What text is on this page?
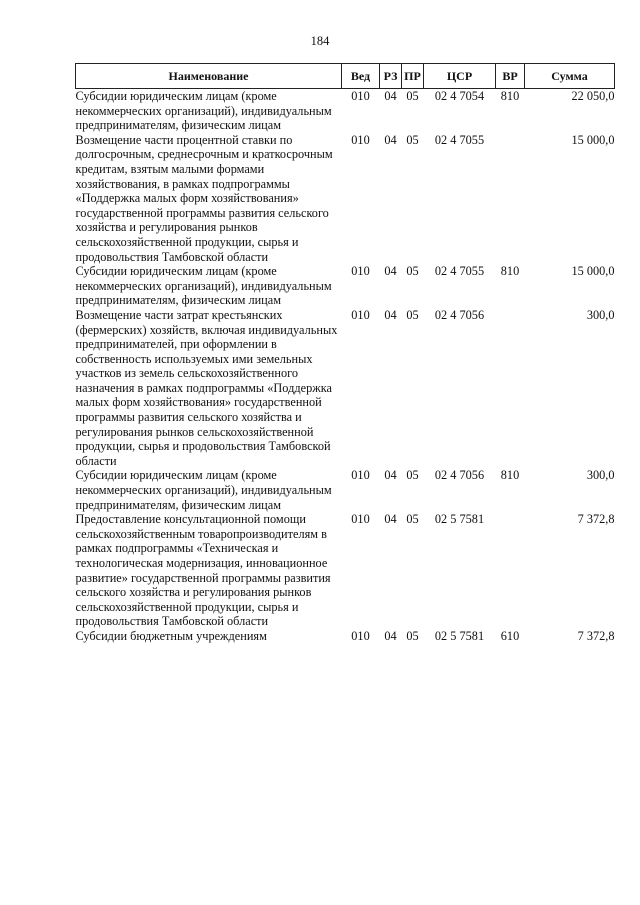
184
Наименование	Вед	РЗ	ПР	ЦСР	ВР	Сумма
Субсидии юридическим лицам (кроме некоммерческих организаций), индивидуальным предпринимателям, физическим лицам	010	04	05	02 4 7054	810	22 050,0
Возмещение части процентной ставки по долгосрочным, среднесрочным и краткосрочным кредитам, взятым малыми формами хозяйствования, в рамках подпрограммы «Поддержка малых форм хозяйствования» государственной программы развития сельского хозяйства и регулирования рынков сельскохозяйственной продукции, сырья и продовольствия Тамбовской области	010	04	05	02 4 7055		15 000,0
Субсидии юридическим лицам (кроме некоммерческих организаций), индивидуальным предпринимателям, физическим лицам	010	04	05	02 4 7055	810	15 000,0
Возмещение части затрат крестьянских (фермерских) хозяйств, включая индивидуальных предпринимателей, при оформлении в собственность используемых ими земельных участков из земель сельскохозяйственного назначения в рамках подпрограммы «Поддержка малых форм хозяйствования» государственной программы развития сельского хозяйства и регулирования рынков сельскохозяйственной продукции, сырья и продовольствия Тамбовской области	010	04	05	02 4 7056		300,0
Субсидии юридическим лицам (кроме некоммерческих организаций), индивидуальным предпринимателям, физическим лицам	010	04	05	02 4 7056	810	300,0
Предоставление консультационной помощи сельскохозяйственным товаропроизводителям в рамках подпрограммы «Техническая и технологическая модернизация, инновационное развитие» государственной программы развития сельского хозяйства и регулирования рынков сельскохозяйственной продукции, сырья и продовольствия Тамбовской области	010	04	05	02 5 7581		7 372,8
Субсидии бюджетным учреждениям	010	04	05	02 5 7581	610	7 372,8
